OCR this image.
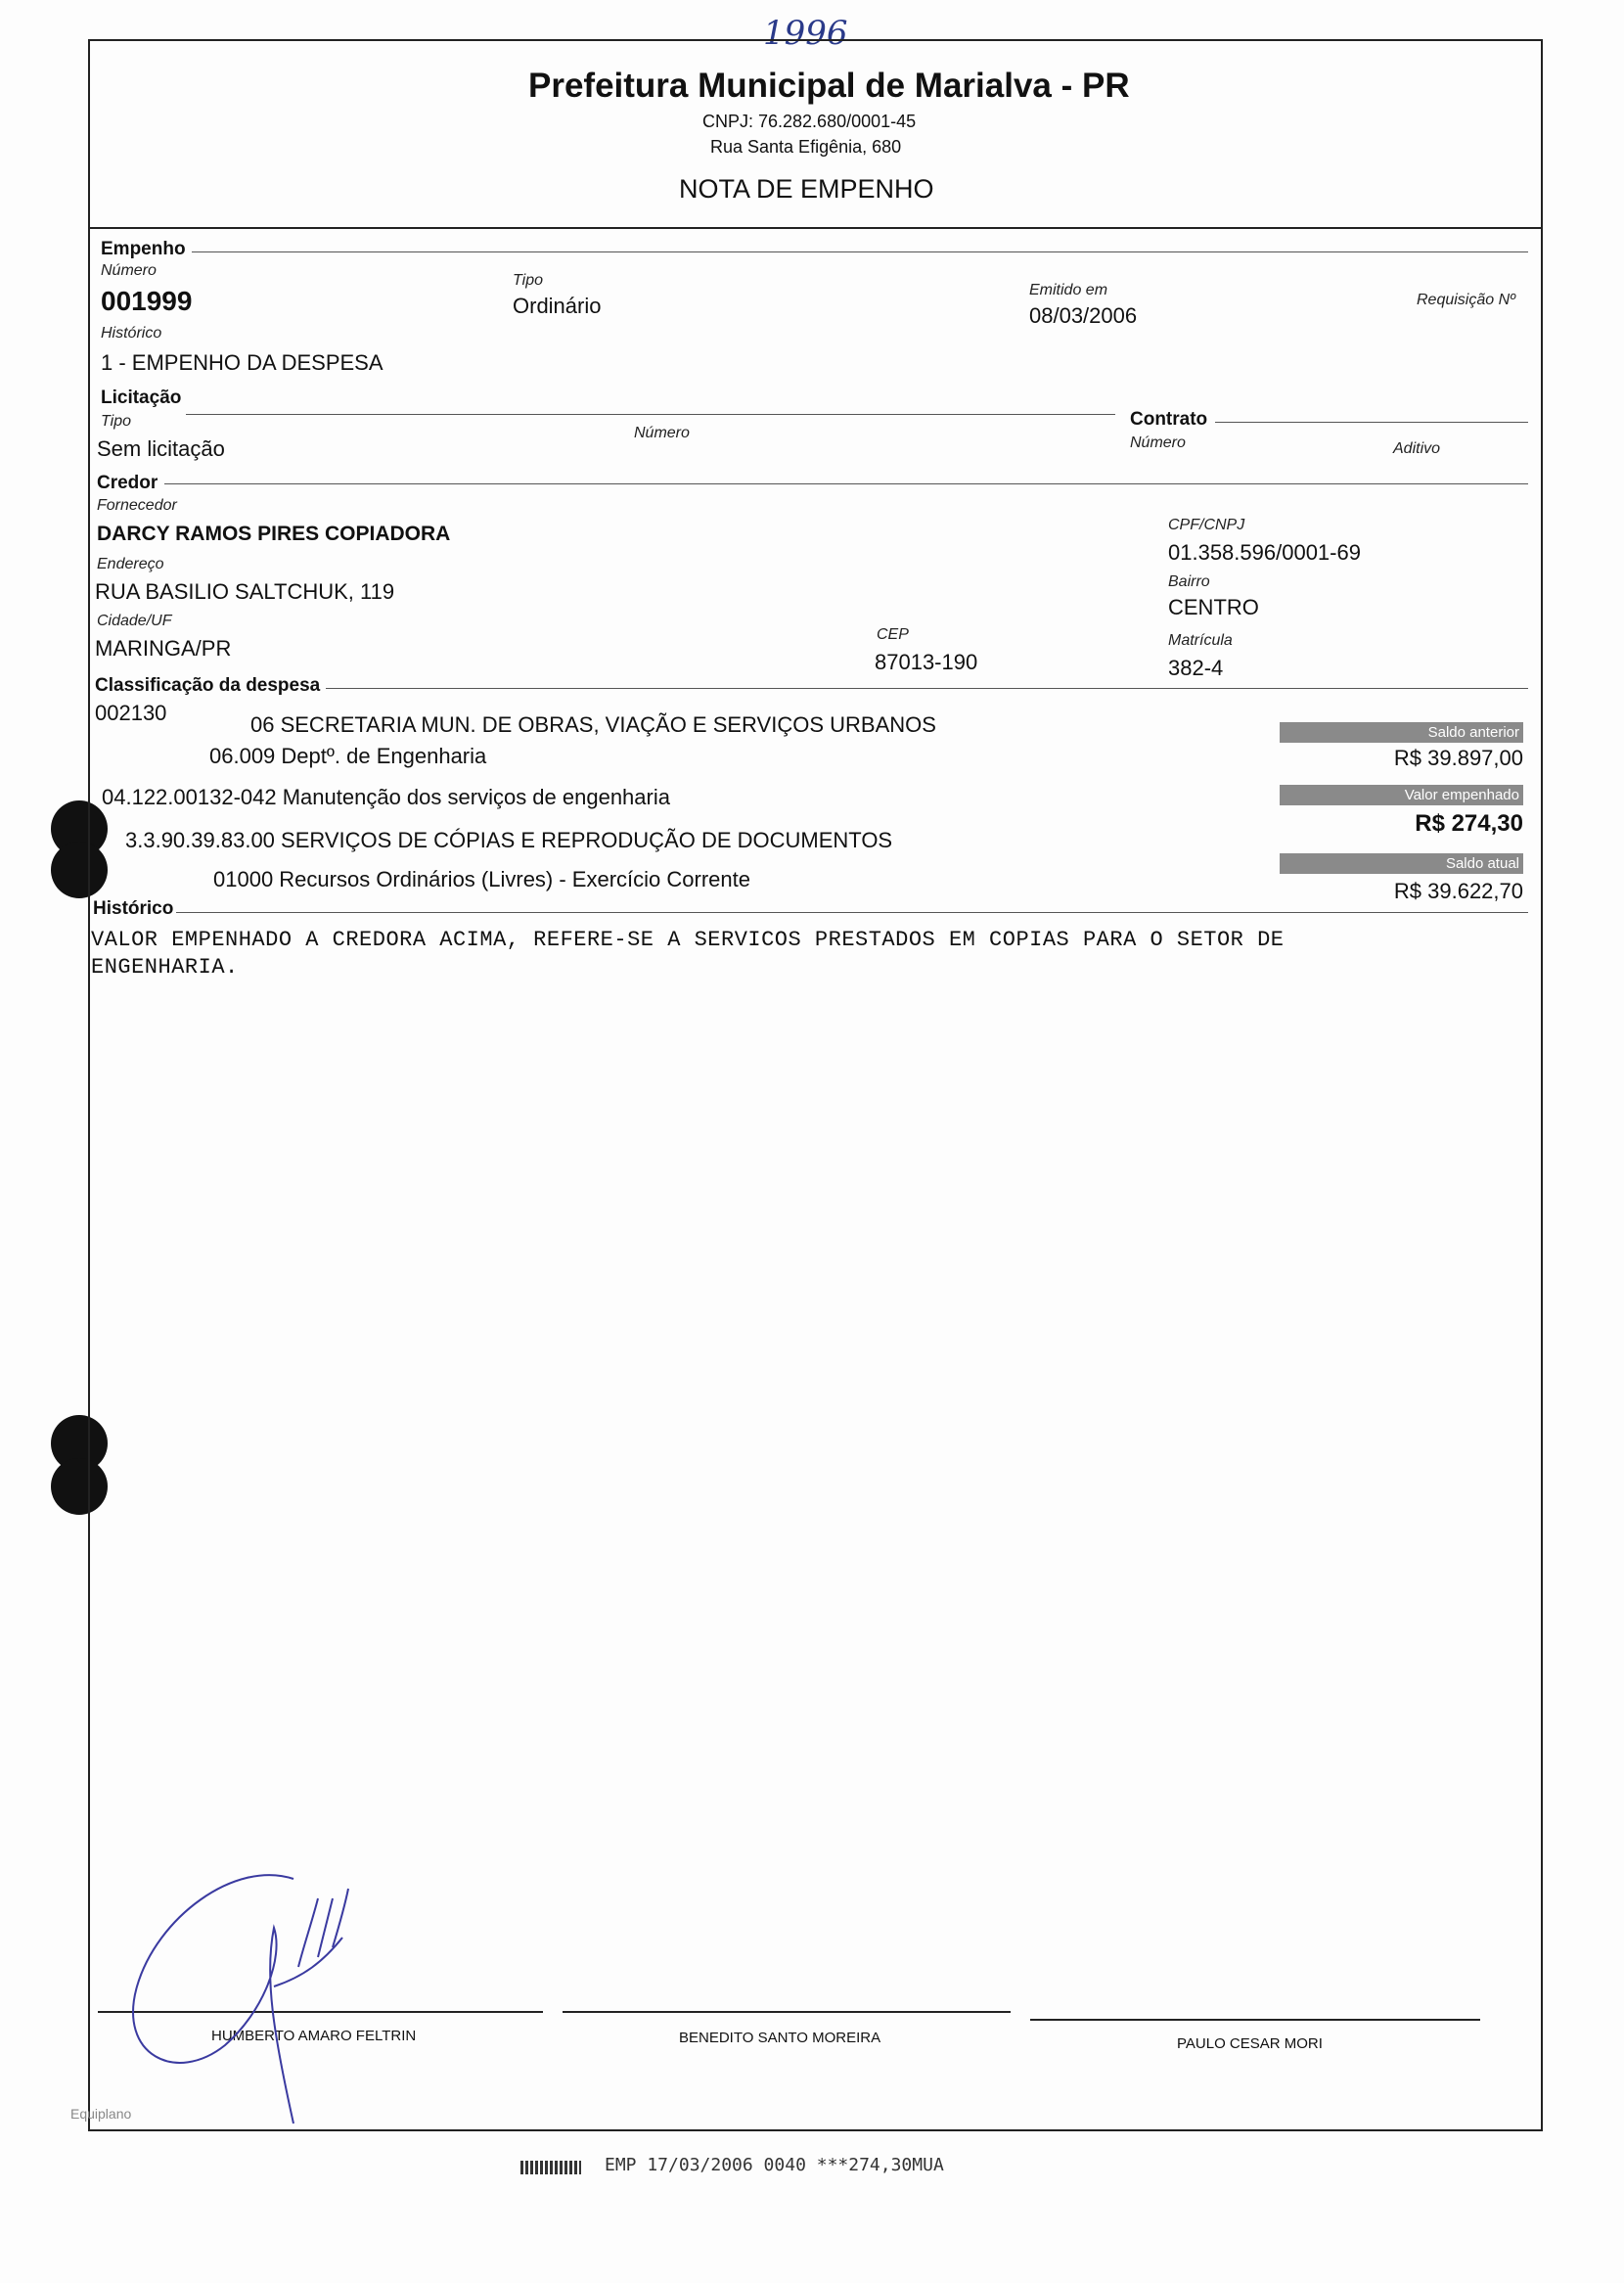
1996
Prefeitura Municipal de Marialva - PR
CNPJ: 76.282.680/0001-45
Rua Santa Efigênia, 680
NOTA DE EMPENHO
Empenho
Número
001999
Tipo
Ordinário
Emitido em
08/03/2006
Requisição Nº
Histórico
1 - EMPENHO DA DESPESA
Licitação
Tipo
Sem licitação
Número
Contrato
Número	Aditivo
Credor
Fornecedor
DARCY RAMOS PIRES COPIADORA	CPF/CNPJ
01.358.596/0001-69
Endereço
RUA BASILIO SALTCHUK, 119	Bairro
CENTRO
Cidade/UF
MARINGA/PR
CEP
87013-190
Matrícula
382-4
Classificação da despesa
002130	06 SECRETARIA MUN. DE OBRAS, VIAÇÃO E SERVIÇOS URBANOS
06.009 Deptº. de Engenharia
04.122.00132-042 Manutenção dos serviços de engenharia
3.3.90.39.83.00 SERVIÇOS DE CÓPIAS E REPRODUÇÃO DE DOCUMENTOS
01000 Recursos Ordinários (Livres) - Exercício Corrente
Saldo anterior
R$ 39.897,00
Valor empenhado
R$ 274,30
Saldo atual
R$ 39.622,70
Histórico
VALOR EMPENHADO A CREDORA ACIMA, REFERE-SE A SERVICOS PRESTADOS EM COPIAS PARA O SETOR DE
ENGENHARIA.
HUMBERTO AMARO FELTRIN	BENEDITO SANTO MOREIRA	PAULO CESAR MORI
Equiplano
EMP 17/03/2006 0040 ***274,30MUA
